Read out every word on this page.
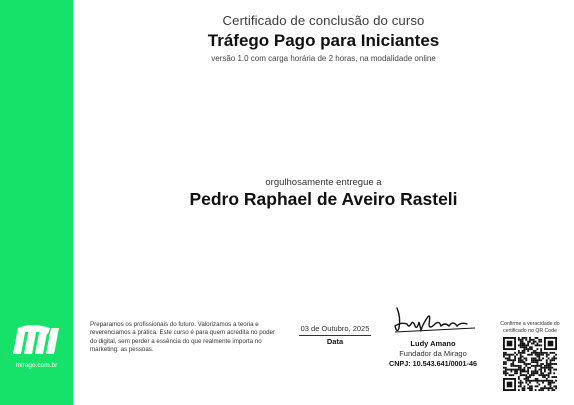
mirago.com.br
Certificado de conclusão do curso
Tráfego Pago para Iniciantes
versão 1.0 com carga horária de 2 horas, na modalidade online
orgulhosamente entregue a
Pedro Raphael de Aveiro Rasteli
Preparamos os profissionais do futuro. Valorizamos a teoria e reverenciamos a prática. Este curso é para quem acredita no poder do digital, sem perder a essência do que realmente importa no marketing: as pessoas.
03 de Outubro, 2025
Data	Ludy Amano
Fundador da Mirago
CNPJ: 10.543.641/0001-46
Confirme a veracidade do certificado no QR Code
